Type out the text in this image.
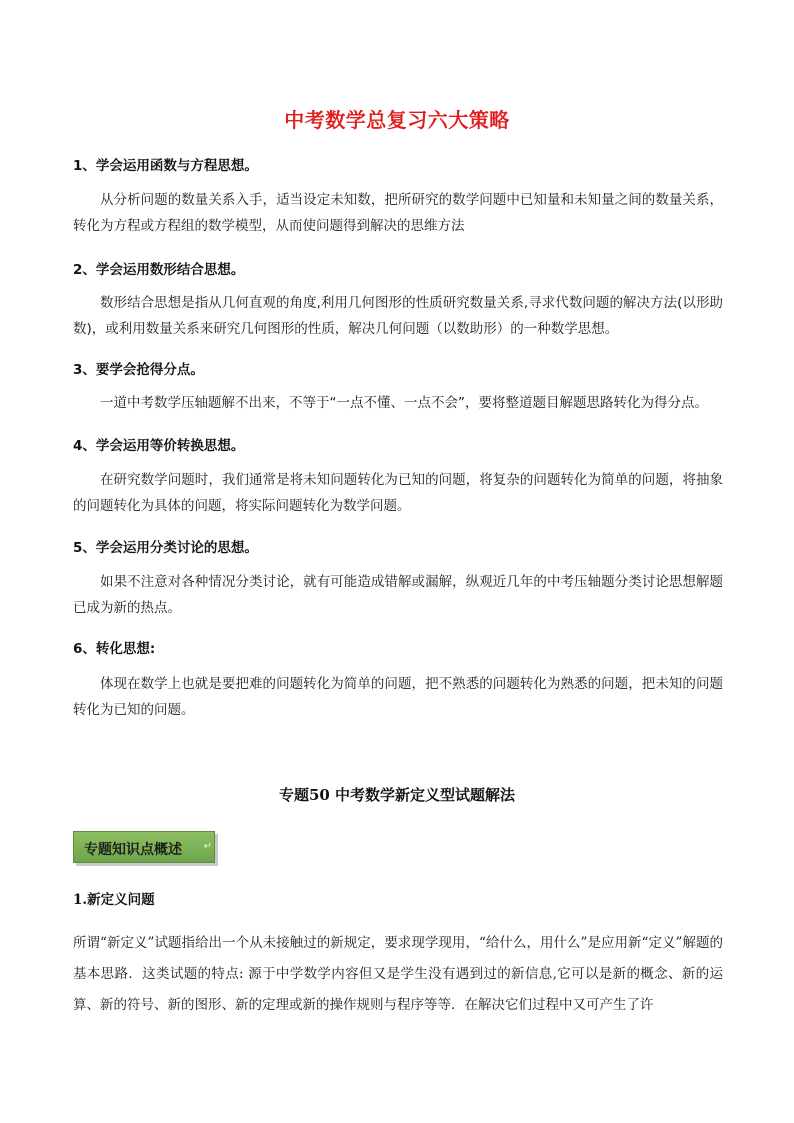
中考数学总复习六大策略
1、学会运用函数与方程思想。
从分析问题的数量关系入手，适当设定未知数，把所研究的数学问题中已知量和未知量之间的数量关系，转化为方程或方程组的数学模型，从而使问题得到解决的思维方法
2、学会运用数形结合思想。
数形结合思想是指从几何直观的角度,利用几何图形的性质研究数量关系,寻求代数问题的解决方法(以形助数)，或利用数量关系来研究几何图形的性质，解决几何问题（以数助形）的一种数学思想。
3、要学会抢得分点。
一道中考数学压轴题解不出来，不等于“一点不懂、一点不会”，要将整道题目解题思路转化为得分点。
4、学会运用等价转换思想。
在研究数学问题时，我们通常是将未知问题转化为已知的问题，将复杂的问题转化为简单的问题，将抽象的问题转化为具体的问题，将实际问题转化为数学问题。
5、学会运用分类讨论的思想。
如果不注意对各种情况分类讨论，就有可能造成错解或漏解，纵观近几年的中考压轴题分类讨论思想解题已成为新的热点。
6、转化思想:
体现在数学上也就是要把难的问题转化为简单的问题，把不熟悉的问题转化为熟悉的问题，把未知的问题转化为已知的问题。
专题50 中考数学新定义型试题解法
专题知识点概述 ↵
1.新定义问题
所谓“新定义”试题指给出一个从未接触过的新规定，要求现学现用，“给什么，用什么”是应用新“定义”解题的基本思路．这类试题的特点: 源于中学数学内容但又是学生没有遇到过的新信息,它可以是新的概念、新的运算、新的符号、新的图形、新的定理或新的操作规则与程序等等．在解决它们过程中又可产生了许
